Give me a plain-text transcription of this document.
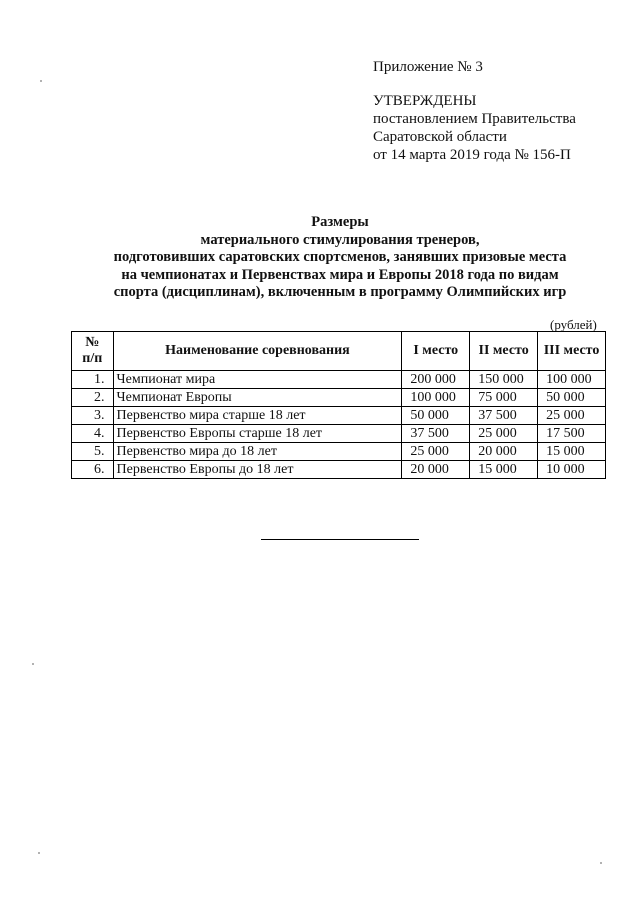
Приложение № 3
УТВЕРЖДЕНЫ
постановлением Правительства
Саратовской области
от 14 марта 2019 года № 156-П
Размеры
материального стимулирования тренеров,
подготовивших саратовских спортсменов, занявших призовые места
на чемпионатах и Первенствах мира и Европы 2018 года по видам
спорта (дисциплинам), включенным в программу Олимпийских игр
(рублей)
№
п/п	Наименование соревнования	I место	II место	III место
1.	Чемпионат мира	200 000	150 000	100 000
2.	Чемпионат Европы	100 000	75 000	50 000
3.	Первенство мира старше 18 лет	50 000	37 500	25 000
4.	Первенство Европы старше 18 лет	37 500	25 000	17 500
5.	Первенство мира до 18 лет	25 000	20 000	15 000
6.	Первенство Европы до 18 лет	20 000	15 000	10 000
